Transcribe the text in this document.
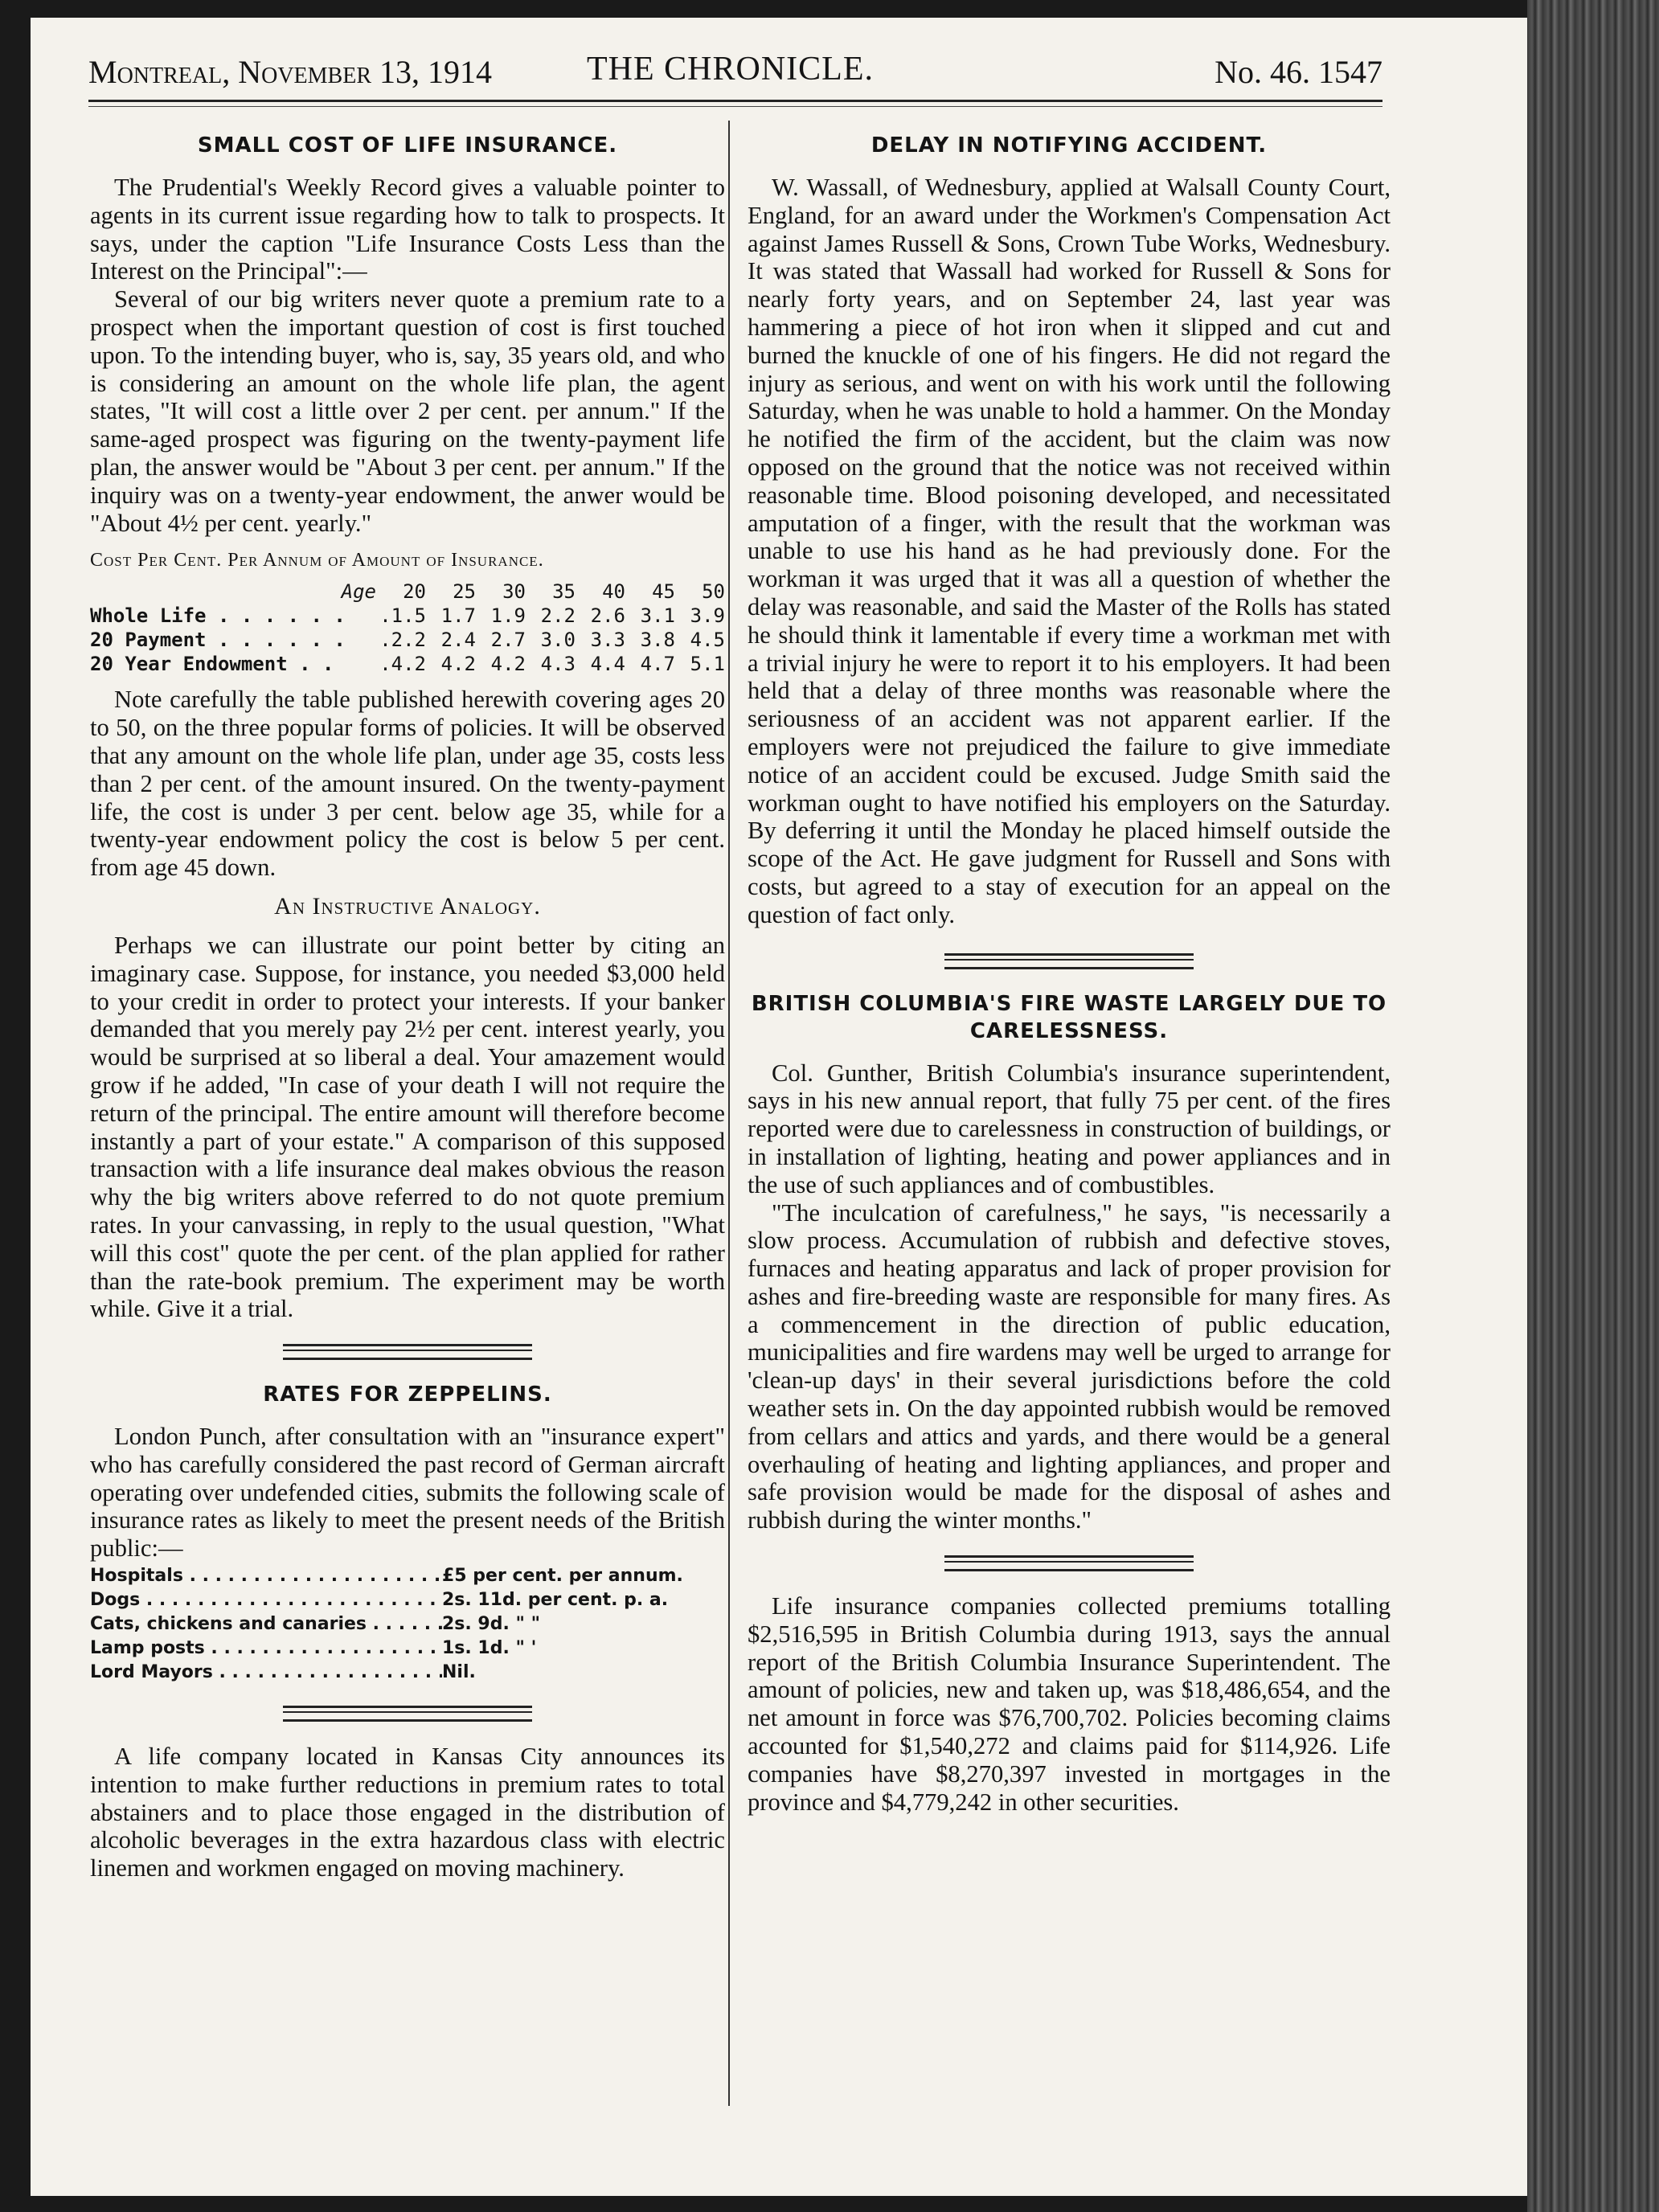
Montreal, November 13, 1914	THE CHRONICLE.	No. 46. 1547
SMALL COST OF LIFE INSURANCE.

The Prudential's Weekly Record gives a valuable pointer to agents in its current issue regarding how to talk to prospects. It says, under the caption "Life Insurance Costs Less than the Interest on the Principal":—

Several of our big writers never quote a premium rate to a prospect when the important question of cost is first touched upon. To the intending buyer, who is, say, 35 years old, and who is considering an amount on the whole life plan, the agent states, "It will cost a little over 2 per cent. per annum." If the same-aged prospect was figuring on the twenty-payment life plan, the answer would be "About 3 per cent. per annum." If the inquiry was on a twenty-year endowment, the anwer would be "About 4½ per cent. yearly."

Cost Per Cent. Per Annum of Amount of Insurance.
Age	20	25	30	35	40	45	50
Whole Life . . . . . .	.1.5	1.7	1.9	2.2	2.6	3.1	3.9
20 Payment . . . . . .	.2.2	2.4	2.7	3.0	3.3	3.8	4.5
20 Year Endowment . .	.4.2	4.2	4.2	4.3	4.4	4.7	5.1

Note carefully the table published herewith covering ages 20 to 50, on the three popular forms of policies. It will be observed that any amount on the whole life plan, under age 35, costs less than 2 per cent. of the amount insured. On the twenty-payment life, the cost is under 3 per cent. below age 35, while for a twenty-year endowment policy the cost is below 5 per cent. from age 45 down.

An Instructive Analogy.

Perhaps we can illustrate our point better by citing an imaginary case. Suppose, for instance, you needed $3,000 held to your credit in order to protect your interests. If your banker demanded that you merely pay 2½ per cent. interest yearly, you would be surprised at so liberal a deal. Your amazement would grow if he added, "In case of your death I will not require the return of the principal. The entire amount will therefore become instantly a part of your estate." A comparison of this supposed transaction with a life insurance deal makes obvious the reason why the big writers above referred to do not quote premium rates. In your canvassing, in reply to the usual question, "What will this cost" quote the per cent. of the plan applied for rather than the rate-book premium. The experiment may be worth while. Give it a trial.

RATES FOR ZEPPELINS.

London Punch, after consultation with an "insurance expert" who has carefully considered the past record of German aircraft operating over undefended cities, submits the following scale of insurance rates as likely to meet the present needs of the British public:—

Hospitals . . .	£5 per cent. per annum.
Dogs . . .	2s. 11d. per cent. p. a.
Cats, chickens and canaries . . .	2s. 9d. " "
Lamp posts . . .	1s. 1d. " '
Lord Mayors . . .	Nil.

A life company located in Kansas City announces its intention to make further reductions in premium rates to total abstainers and to place those engaged in the distribution of alcoholic beverages in the extra hazardous class with electric linemen and workmen engaged on moving machinery.

DELAY IN NOTIFYING ACCIDENT.

W. Wassall, of Wednesbury, applied at Walsall County Court, England, for an award under the Workmen's Compensation Act against James Russell & Sons, Crown Tube Works, Wednesbury. It was stated that Wassall had worked for Russell & Sons for nearly forty years, and on September 24, last year was hammering a piece of hot iron when it slipped and cut and burned the knuckle of one of his fingers. He did not regard the injury as serious, and went on with his work until the following Saturday, when he was unable to hold a hammer. On the Monday he notified the firm of the accident, but the claim was now opposed on the ground that the notice was not received within reasonable time. Blood poisoning developed, and necessitated amputation of a finger, with the result that the workman was unable to use his hand as he had previously done. For the workman it was urged that it was all a question of whether the delay was reasonable, and said the Master of the Rolls has stated he should think it lamentable if every time a workman met with a trivial injury he were to report it to his employers. It had been held that a delay of three months was reasonable where the seriousness of an accident was not apparent earlier. If the employers were not prejudiced the failure to give immediate notice of an accident could be excused. Judge Smith said the workman ought to have notified his employers on the Saturday. By deferring it until the Monday he placed himself outside the scope of the Act. He gave judgment for Russell and Sons with costs, but agreed to a stay of execution for an appeal on the question of fact only.

BRITISH COLUMBIA'S FIRE WASTE LARGELY DUE TO CARELESSNESS.

Col. Gunther, British Columbia's insurance superintendent, says in his new annual report, that fully 75 per cent. of the fires reported were due to carelessness in construction of buildings, or in installation of lighting, heating and power appliances and in the use of such appliances and of combustibles.

"The inculcation of carefulness," he says, "is necessarily a slow process. Accumulation of rubbish and defective stoves, furnaces and heating apparatus and lack of proper provision for ashes and fire-breeding waste are responsible for many fires. As a commencement in the direction of public education, municipalities and fire wardens may well be urged to arrange for 'clean-up days' in their several jurisdictions before the cold weather sets in. On the day appointed rubbish would be removed from cellars and attics and yards, and there would be a general overhauling of heating and lighting appliances, and proper and safe provision would be made for the disposal of ashes and rubbish during the winter months."

Life insurance companies collected premiums totalling $2,516,595 in British Columbia during 1913, says the annual report of the British Columbia Insurance Superintendent. The amount of policies, new and taken up, was $18,486,654, and the net amount in force was $76,700,702. Policies becoming claims accounted for $1,540,272 and claims paid for $114,926. Life companies have $8,270,397 invested in mortgages in the province and $4,779,242 in other securities.
